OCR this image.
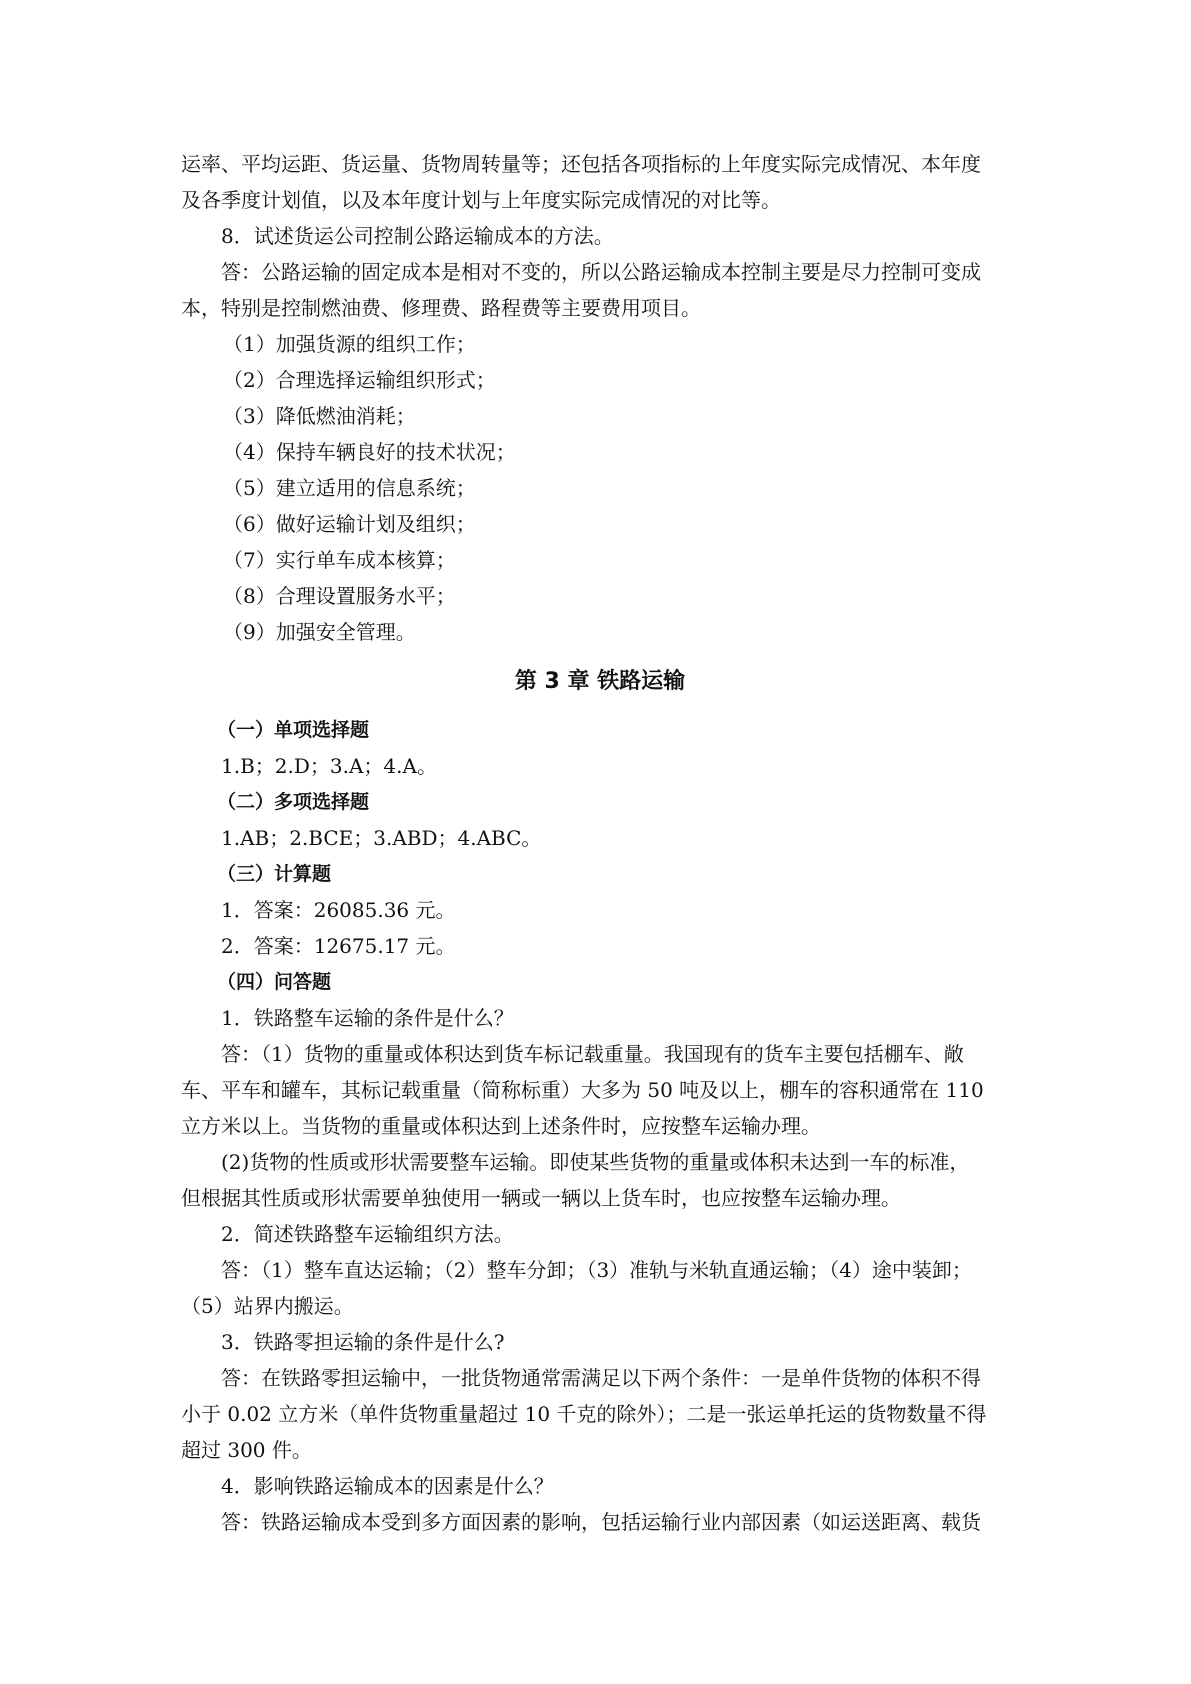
运率、平均运距、货运量、货物周转量等；还包括各项指标的上年度实际完成情况、本年度

及各季度计划值，以及本年度计划与上年度实际完成情况的对比等。

8．试述货运公司控制公路运输成本的方法。

答：公路运输的固定成本是相对不变的，所以公路运输成本控制主要是尽力控制可变成

本，特别是控制燃油费、修理费、路程费等主要费用项目。

（1）加强货源的组织工作；

（2）合理选择运输组织形式；

（3）降低燃油消耗；

（4）保持车辆良好的技术状况；

（5）建立适用的信息系统；

（6）做好运输计划及组织；

（7）实行单车成本核算；

（8）合理设置服务水平；

（9）加强安全管理。

第 3 章 铁路运输

（一）单项选择题

1.B；2.D；3.A；4.A。

（二）多项选择题

1.AB；2.BCE；3.ABD；4.ABC。

（三）计算题

1．答案：26085.36 元。

2．答案：12675.17 元。

（四）问答题

1．铁路整车运输的条件是什么？

答：（1）货物的重量或体积达到货车标记载重量。我国现有的货车主要包括棚车、敞

车、平车和罐车，其标记载重量（简称标重）大多为 50 吨及以上，棚车的容积通常在 110

立方米以上。当货物的重量或体积达到上述条件时，应按整车运输办理。

(2)货物的性质或形状需要整车运输。即使某些货物的重量或体积未达到一车的标准，

但根据其性质或形状需要单独使用一辆或一辆以上货车时，也应按整车运输办理。

2．简述铁路整车运输组织方法。

答：（1）整车直达运输；（2）整车分卸；（3）准轨与米轨直通运输；（4）途中装卸；

（5）站界内搬运。

3．铁路零担运输的条件是什么?

答：在铁路零担运输中，一批货物通常需满足以下两个条件：一是单件货物的体积不得

小于 0.02 立方米（单件货物重量超过 10 千克的除外）；二是一张运单托运的货物数量不得

超过 300 件。

4．影响铁路运输成本的因素是什么？

答：铁路运输成本受到多方面因素的影响，包括运输行业内部因素（如运送距离、载货
